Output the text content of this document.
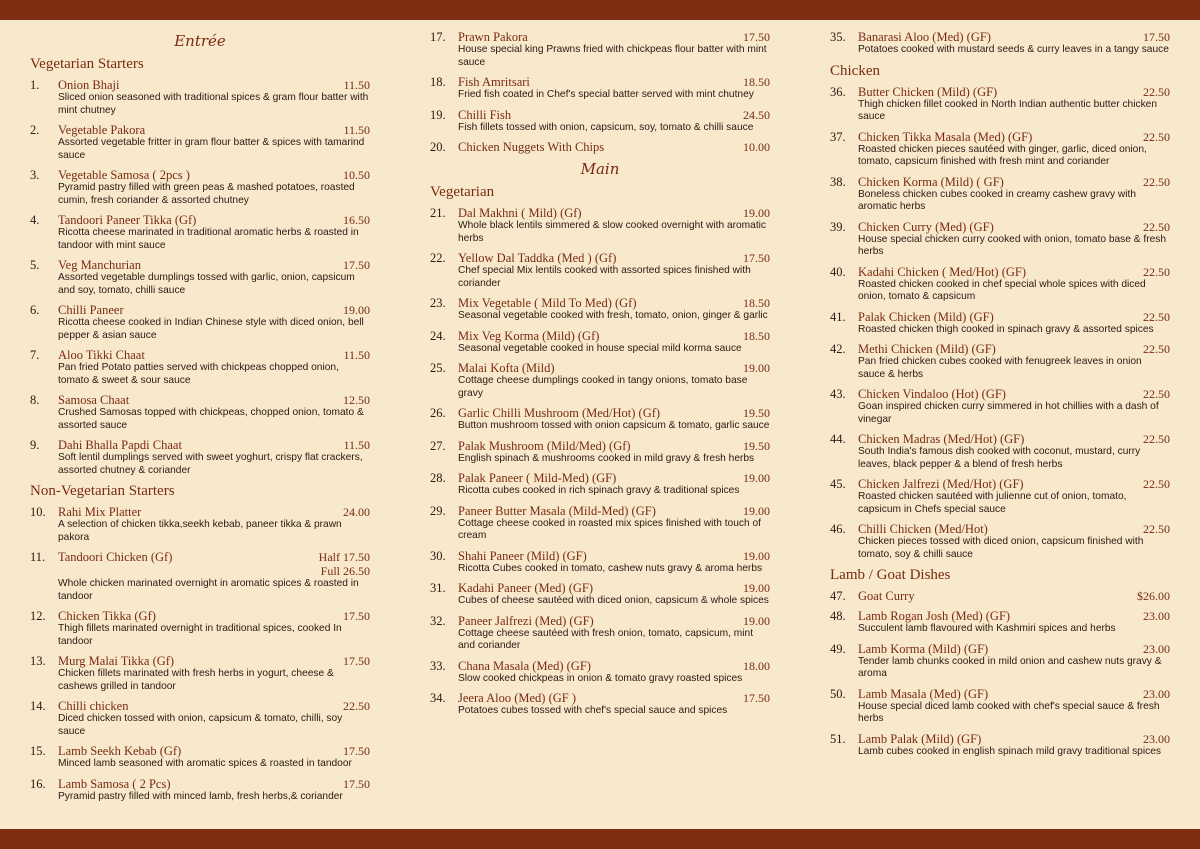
Entrée
Vegetarian Starters
1.	Onion Bhaji	11.50
Sliced onion seasoned with traditional spices & gram flour batter with mint chutney
2.	Vegetable Pakora	11.50
Assorted vegetable fritter in gram flour batter & spices with tamarind sauce
3.	Vegetable Samosa ( 2pcs )	10.50
Pyramid pastry filled with green peas & mashed potatoes, roasted cumin, fresh coriander & assorted chutney
4.	Tandoori Paneer Tikka (Gf)	16.50
Ricotta cheese marinated in traditional aromatic herbs & roasted in tandoor with mint sauce
5.	Veg Manchurian	17.50
Assorted vegetable dumplings tossed with garlic, onion, capsicum and soy, tomato, chilli sauce
6.	Chilli Paneer	19.00
Ricotta cheese cooked in Indian Chinese style with diced onion, bell pepper & asian sauce
7.	Aloo Tikki Chaat	11.50
Pan fried Potato patties served with chickpeas chopped onion, tomato & sweet & sour sauce
8.	Samosa Chaat	12.50
Crushed Samosas topped with chickpeas, chopped onion, tomato & assorted sauce
9.	Dahi Bhalla Papdi Chaat	11.50
Soft lentil dumplings served with sweet yoghurt, crispy flat crackers, assorted chutney & coriander
Non-Vegetarian Starters
10. Rahi Mix Platter	24.00
A selection of chicken tikka,seekh kebab, paneer tikka & prawn pakora
11.	Tandoori Chicken (Gf)	Half 17.50
Full 26.50
Whole chicken marinated overnight in aromatic spices & roasted in tandoor
12. Chicken Tikka (Gf)	17.50
Thigh fillets marinated overnight in traditional spices, cooked In tandoor
13. Murg Malai Tikka (Gf)	17.50
Chicken fillets marinated with fresh herbs in yogurt, cheese & cashews grilled in tandoor
14. Chilli chicken	22.50
Diced chicken tossed with onion, capsicum & tomato, chilli, soy sauce
15. Lamb Seekh Kebab (Gf)	17.50
Minced lamb seasoned with aromatic spices & roasted in tandoor
16. Lamb Samosa ( 2 Pcs)	17.50
Pyramid pastry filled with minced lamb, fresh herbs,& coriander
17. Prawn Pakora	17.50
House special king Prawns fried with chickpeas flour batter with mint sauce
18. Fish Amritsari	18.50
Fried fish coated in Chef's special batter served with mint chutney
19. Chilli Fish	24.50
Fish fillets tossed with onion, capsicum, soy, tomato & chilli sauce
20. Chicken Nuggets With Chips	10.00
Main
Vegetarian
21. Dal Makhni ( Mild) (Gf)	19.00
Whole black lentils simmered & slow cooked overnight with aromatic herbs
22. Yellow Dal Taddka (Med ) (Gf)	17.50
Chef special Mix lentils cooked with assorted spices finished with coriander
23. Mix Vegetable ( Mild To Med) (Gf)	18.50
Seasonal vegetable cooked with fresh, tomato, onion, ginger & garlic
24. Mix Veg Korma (Mild) (Gf)	18.50
Seasonal vegetable cooked in house special mild korma sauce
25. Malai Kofta (Mild)	19.00
Cottage cheese dumplings cooked in tangy onions, tomato base gravy
26. Garlic Chilli Mushroom (Med/Hot) (Gf)	19.50
Button mushroom tossed with onion capsicum & tomato, garlic sauce
27. Palak Mushroom (Mild/Med) (Gf)	19.50
English spinach & mushrooms cooked in mild gravy & fresh herbs
28. Palak Paneer ( Mild-Med) (GF)	19.00
Ricotta cubes cooked in rich spinach gravy & traditional spices
29. Paneer Butter Masala (Mild-Med) (GF)	19.00
Cottage cheese cooked in roasted mix spices finished with touch of cream
30. Shahi Paneer (Mild) (GF)	19.00
Ricotta Cubes cooked in tomato, cashew nuts gravy & aroma herbs
31. Kadahi Paneer (Med) (GF)	19.00
Cubes of cheese sautéed with diced onion, capsicum & whole spices
32. Paneer Jalfrezi (Med) (GF)	19.00
Cottage cheese sautéed with fresh onion, tomato, capsicum, mint and coriander
33. Chana Masala (Med) (GF)	18.00
Slow cooked chickpeas in onion & tomato gravy roasted spices
34. Jeera Aloo (Med) (GF )	17.50
Potatoes cubes tossed with chef's special sauce and spices
35. Banarasi Aloo (Med) (GF)	17.50
Potatoes cooked with mustard seeds & curry leaves in a tangy sauce
Chicken
36. Butter Chicken (Mild) (GF)	22.50
Thigh chicken fillet cooked in North Indian authentic butter chicken sauce
37. Chicken Tikka Masala (Med) (GF)	22.50
Roasted chicken pieces sautéed with ginger, garlic, diced onion, tomato, capsicum finished with fresh mint and coriander
38. Chicken Korma (Mild) ( GF)	22.50
Boneless chicken cubes cooked in creamy cashew gravy with aromatic herbs
39. Chicken Curry (Med) (GF)	22.50
House special chicken curry cooked with onion, tomato base & fresh herbs
40. Kadahi Chicken ( Med/Hot) (GF)	22.50
Roasted chicken cooked in chef special whole spices with diced onion, tomato & capsicum
41. Palak Chicken (Mild) (GF)	22.50
Roasted chicken thigh cooked in spinach gravy & assorted spices
42. Methi Chicken (Mild) (GF)	22.50
Pan fried chicken cubes cooked with fenugreek leaves in onion sauce & herbs
43. Chicken Vindaloo (Hot) (GF)	22.50
Goan inspired chicken curry simmered in hot chillies with a dash of vinegar
44. Chicken Madras (Med/Hot) (GF)	22.50
South India's famous dish cooked with coconut, mustard, curry leaves, black pepper & a blend of fresh herbs
45. Chicken Jalfrezi (Med/Hot) (GF)	22.50
Roasted chicken sautéed with julienne cut of onion, tomato, capsicum in Chefs special sauce
46. Chilli Chicken (Med/Hot)	22.50
Chicken pieces tossed with diced onion, capsicum finished with tomato, soy & chilli sauce
Lamb / Goat Dishes
47. Goat Curry	$26.00
48. Lamb Rogan Josh (Med) (GF)	23.00
Succulent lamb flavoured with Kashmiri spices and herbs
49. Lamb Korma (Mild) (GF)	23.00
Tender lamb chunks cooked in mild onion and cashew nuts gravy & aroma
50. Lamb Masala (Med) (GF)	23.00
House special diced lamb cooked with chef's special sauce & fresh herbs
51. Lamb Palak (Mild) (GF)	23.00
Lamb cubes cooked in english spinach mild gravy traditional spices
